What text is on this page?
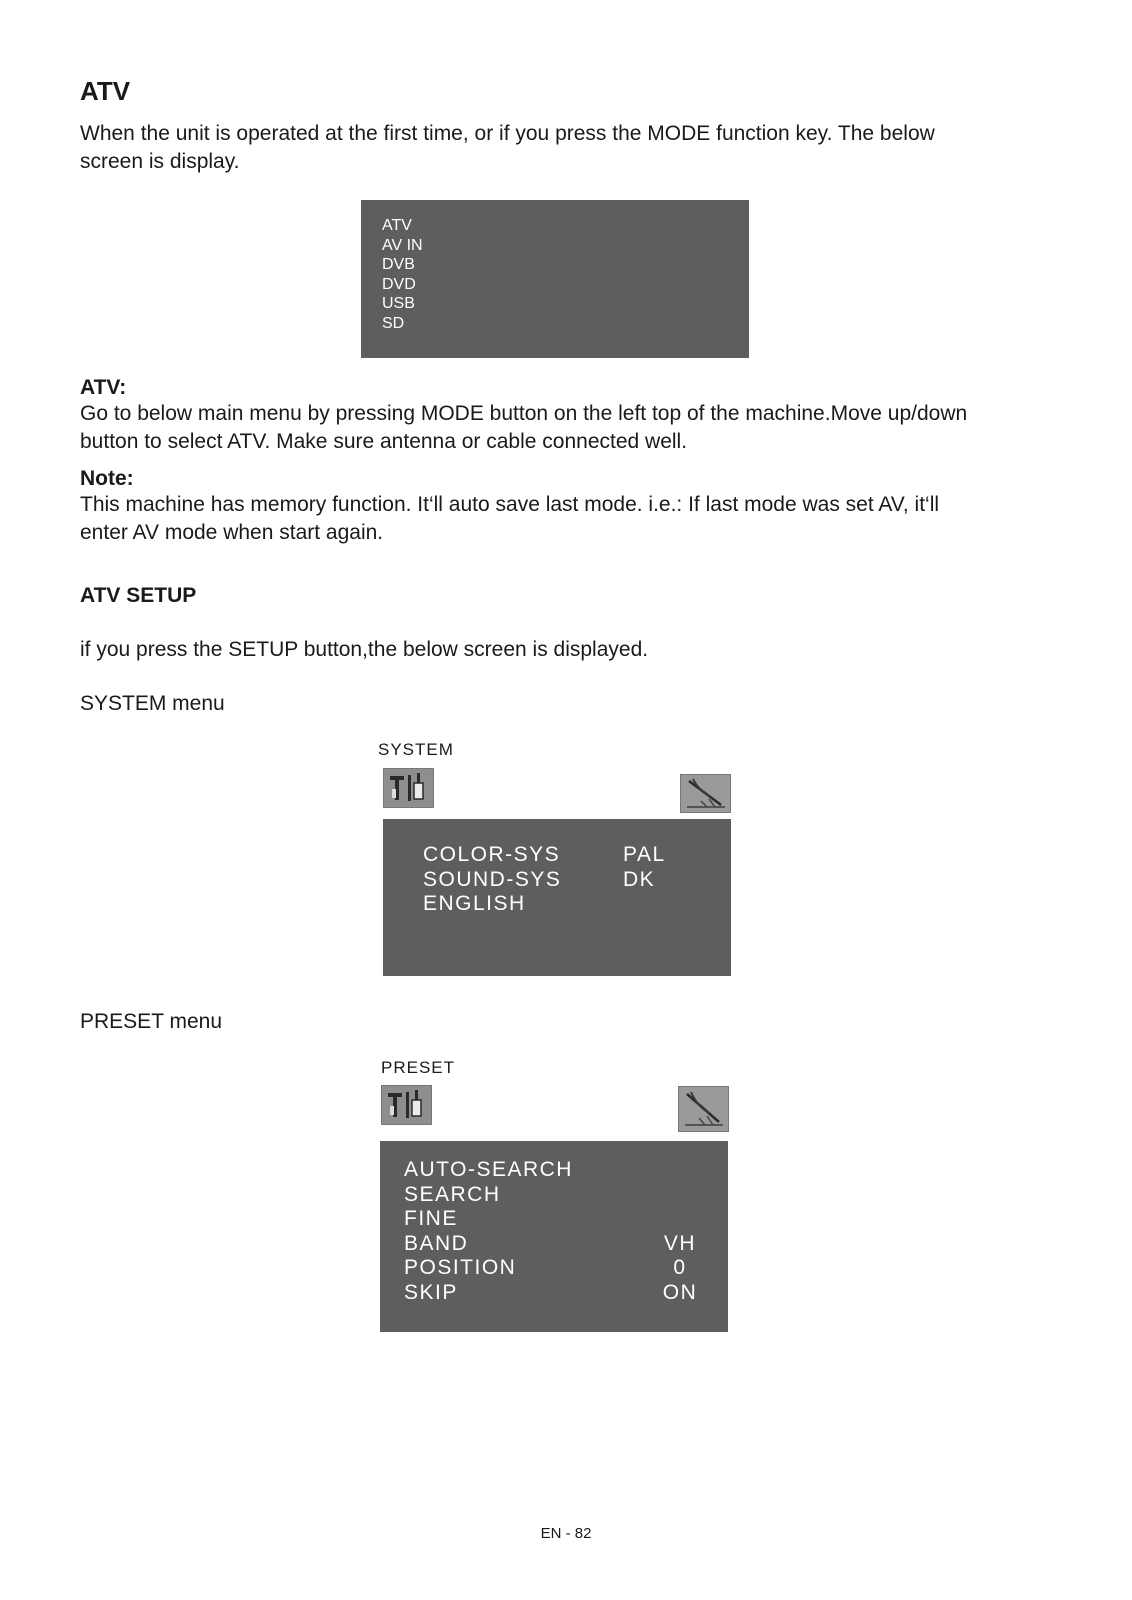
ATV
When the unit is operated at the first time, or if you press the MODE function key. The below
screen is display.
ATV
AV IN
DVB
DVD
USB
SD
ATV:
Go to below main menu by pressing MODE button on the left top of the machine.Move up/down
button to select ATV. Make sure antenna or cable connected well.
Note:
This machine has memory function. It‘ll auto save last mode. i.e.: If last mode was set AV, it‘ll
enter AV mode when start again.
ATV SETUP
if you press the SETUP button,the below screen is displayed.
SYSTEM menu
SYSTEM
COLOR-SYS	PAL
SOUND-SYS	DK
ENGLISH
PRESET menu
PRESET
AUTO-SEARCH
SEARCH
FINE
BAND	VH
POSITION	0
SKIP	ON
EN - 82
